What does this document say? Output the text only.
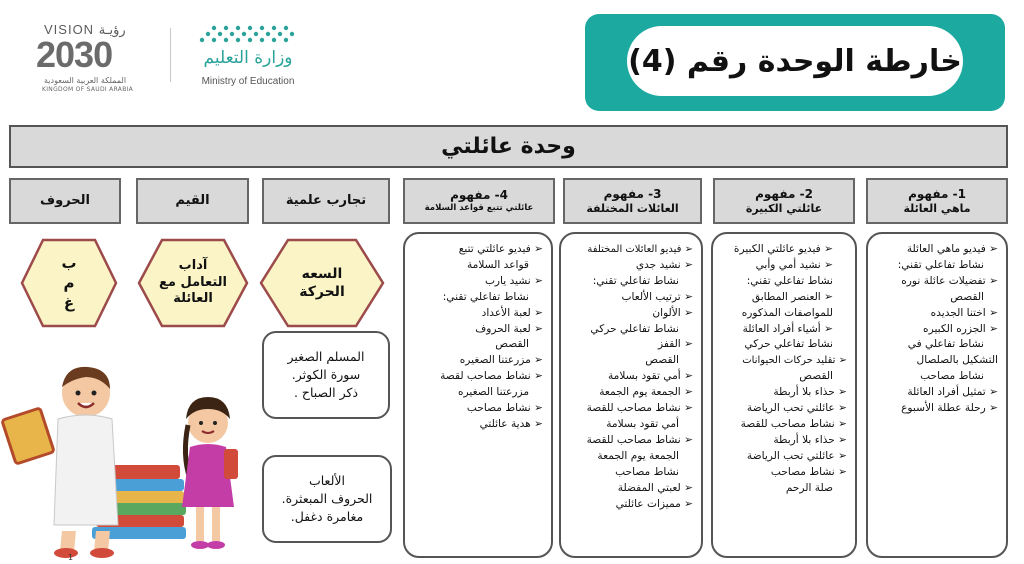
VISION رؤيـة
2030
المملكة العربية السعودية
KINGDOM OF SAUDI ARABIA
وزارة التعليم
Ministry of Education
خارطة الوحدة رقم (4)
وحدة عائلتي
1- مفهوم
ماهي العائلة
2- مفهوم
عائلتي الكبيرة
3- مفهوم
العائلات المختلفة
4- مفهوم
عائلتي تتبع قواعد السلامة
تجارب علمية
القيم
الحروف
➢ فيديو ماهي العائلة
نشاط تفاعلي تقني:
➢ تفضيلات عائلة نوره
القصص
➢ اختنا الجديده
➢ الجزره الكبيره
نشاط تفاعلي في
التشكيل بالصلصال
نشاط مصاحب
➢ تمثيل أفراد العائلة
➢ رحلة عطلة الأسبوع
➢ فيديو عائلتي الكبيرة
➢ نشيد أمي وأبي
نشاط تفاعلي تقني:
➢ العنصر المطابق
للمواصفات المذكوره
➢ أشياء أفراد العائلة
نشاط تفاعلي حركي
➢ تقليد حركات الحيوانات
القصص
➢ حذاء بلا أربطة
➢ عائلتي تحب الرياضة
➢ نشاط مصاحب للقصة
➢ حذاء بلا أربطة
➢ عائلتي تحب الرياضة
➢ نشاط مصاحب
صلة الرحم
➢ فيديو العائلات المختلفة
➢ نشيد جدي
نشاط تفاعلي تقني:
➢ ترتيب الألعاب
➢ الألوان
نشاط تفاعلي حركي
➢ القفز
القصص
➢ أمي تقود بسلامة
➢ الجمعة يوم الجمعة
➢ نشاط مصاحب للقصة
أمي تقود بسلامة
➢ نشاط مصاحب للقصة
الجمعة يوم الجمعة
نشاط مصاحب
➢ لعبتي المفضلة
➢ مميزات عائلتي
➢ فيديو عائلتي تتبع
قواعد السلامة
➢ نشيد يارب
نشاط تفاعلي تقني:
➢ لعبة الأعداد
➢ لعبة الحروف
القصص
➢ مزرعتنا الصغيره
➢ نشاط مصاحب لقصة
مزرعتنا الصغيره
➢ نشاط مصاحب
➢ هدية عائلتي
السعه
الحركة
آداب
التعامل مع
العائلة
ب
م
غ
المسلم الصغير
سورة الكوثر.
ذكر الصباح .
الألعاب
الحروف المبعثرة.
مغامرة دغفل.
1
